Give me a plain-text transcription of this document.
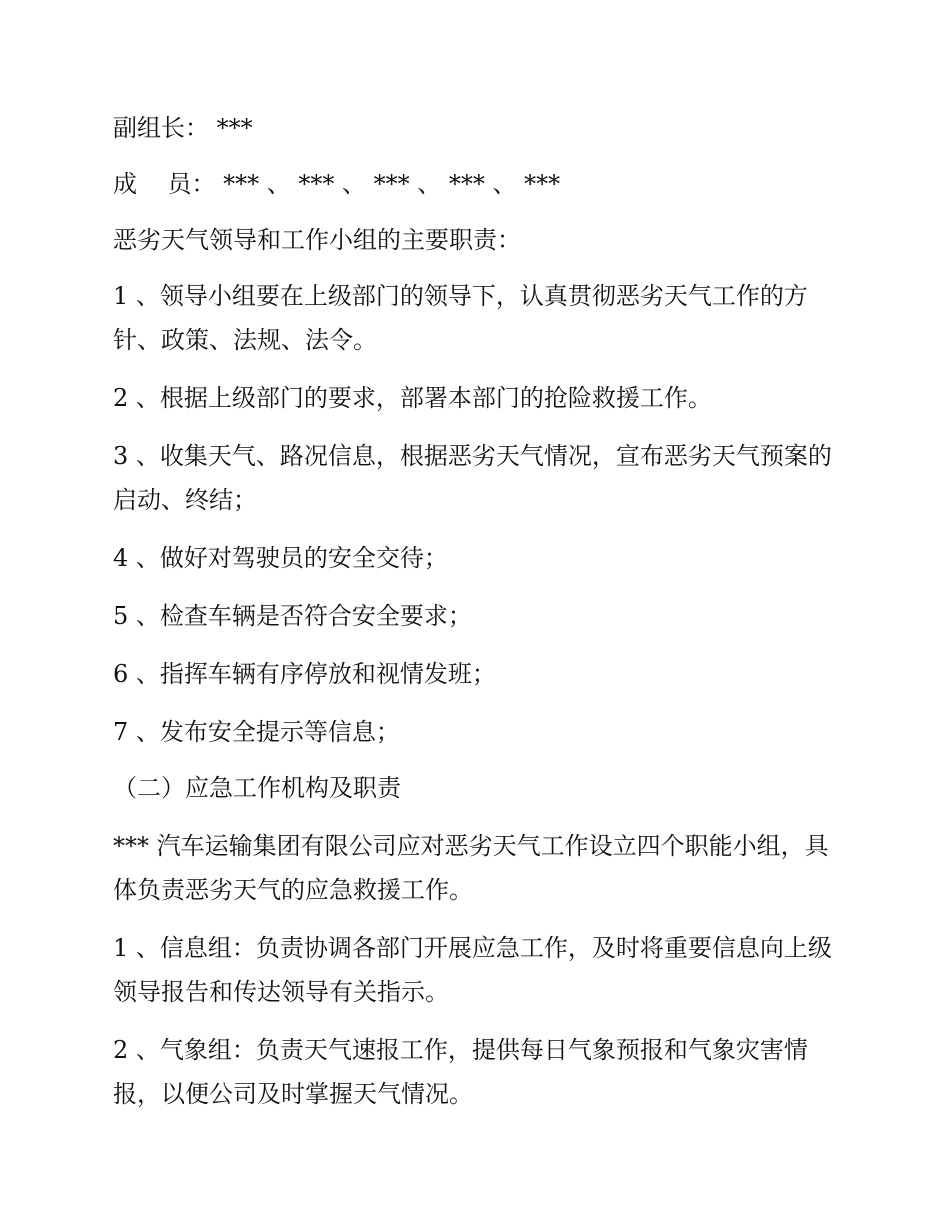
副组长： ***

成    员： *** 、 *** 、 *** 、 *** 、 ***

恶劣天气领导和工作小组的主要职责：

1 、领导小组要在上级部门的领导下，认真贯彻恶劣天气工作的方针、政策、法规、法令。

2 、根据上级部门的要求，部署本部门的抢险救援工作。

3 、收集天气、路况信息，根据恶劣天气情况，宣布恶劣天气预案的启动、终结；

4 、做好对驾驶员的安全交待；

5 、检查车辆是否符合安全要求；

6 、指挥车辆有序停放和视情发班；

7 、发布安全提示等信息；

（二）应急工作机构及职责

*** 汽车运输集团有限公司应对恶劣天气工作设立四个职能小组，具体负责恶劣天气的应急救援工作。

1 、信息组：负责协调各部门开展应急工作，及时将重要信息向上级领导报告和传达领导有关指示。

2 、气象组：负责天气速报工作，提供每日气象预报和气象灾害情报，以便公司及时掌握天气情况。
